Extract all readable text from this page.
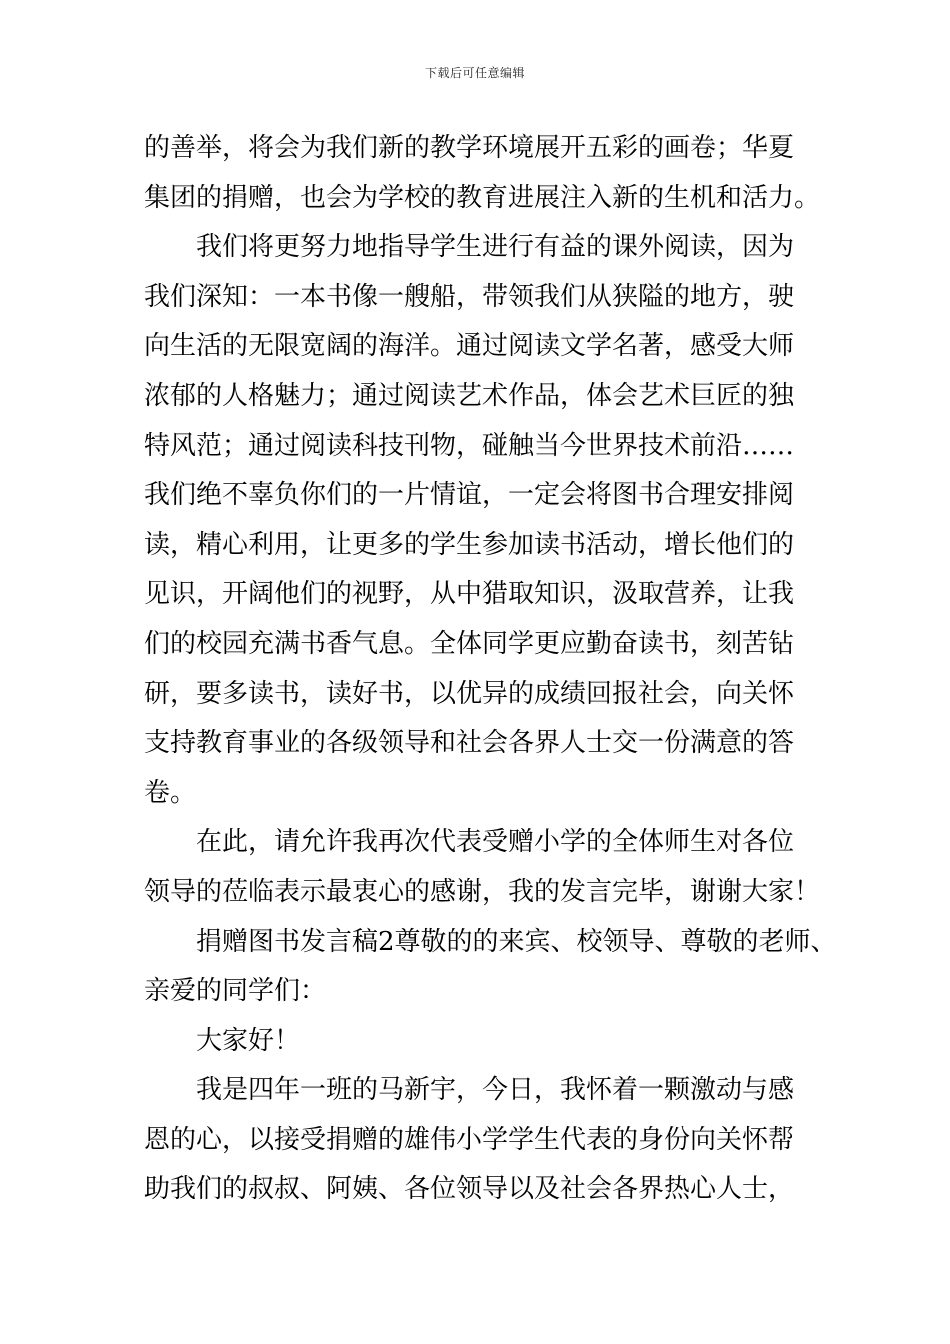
下载后可任意编辑
的善举，将会为我们新的教学环境展开五彩的画卷；华夏
集团的捐赠，也会为学校的教育进展注入新的生机和活力。
我们将更努力地指导学生进行有益的课外阅读，因为
我们深知：一本书像一艘船，带领我们从狭隘的地方，驶
向生活的无限宽阔的海洋。通过阅读文学名著，感受大师
浓郁的人格魅力；通过阅读艺术作品，体会艺术巨匠的独
特风范；通过阅读科技刊物，碰触当今世界技术前沿……
我们绝不辜负你们的一片情谊，一定会将图书合理安排阅
读，精心利用，让更多的学生参加读书活动，增长他们的
见识，开阔他们的视野，从中猎取知识，汲取营养，让我
们的校园充满书香气息。全体同学更应勤奋读书，刻苦钻
研，要多读书，读好书，以优异的成绩回报社会，向关怀
支持教育事业的各级领导和社会各界人士交一份满意的答
卷。
在此，请允许我再次代表受赠小学的全体师生对各位
领导的莅临表示最衷心的感谢，我的发言完毕，谢谢大家！
捐赠图书发言稿2尊敬的的来宾、校领导、尊敬的老师、
亲爱的同学们：
大家好！
我是四年一班的马新宇，今日，我怀着一颗激动与感
恩的心，以接受捐赠的雄伟小学学生代表的身份向关怀帮
助我们的叔叔、阿姨、各位领导以及社会各界热心人士，
